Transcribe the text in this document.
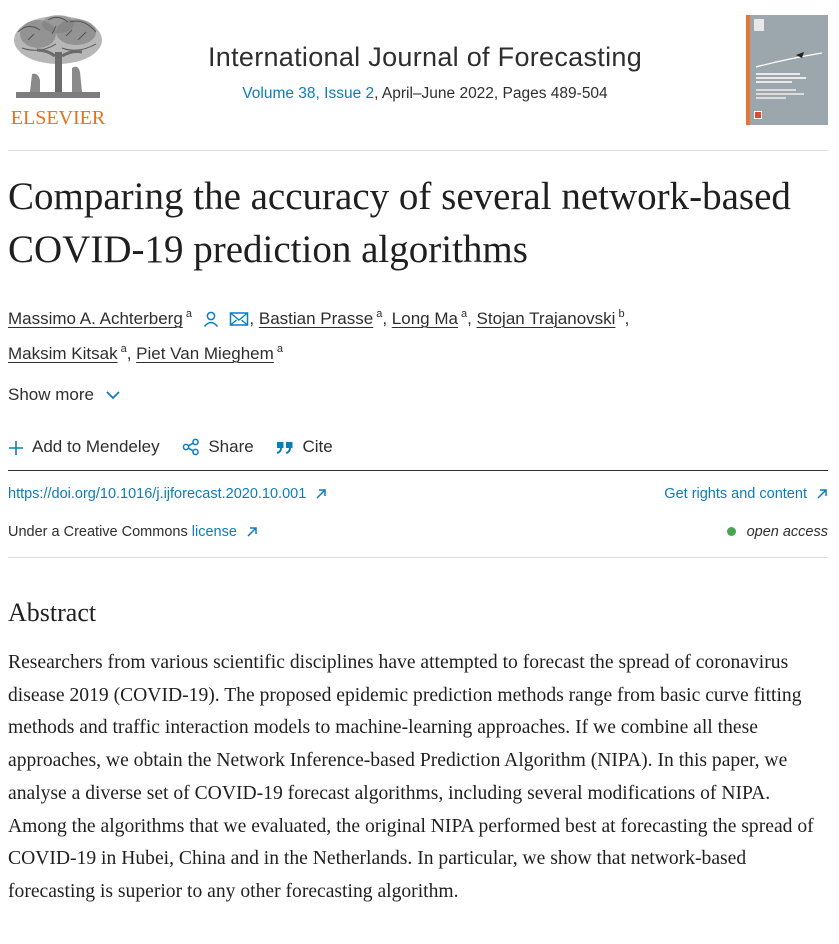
ELSEVIER
International Journal of Forecasting
Volume 38, Issue 2, April–June 2022, Pages 489-504
Comparing the accuracy of several network-based COVID-19 prediction algorithms
Massimo A. Achterberg $^a$	, Bastian Prasse $^a$, Long Ma $^a$, Stojan Trajanovski $^b$,
Maksim Kitsak $^a$, Piet Van Mieghem $^a$
Show more
Add to Mendeley	Share	Cite
https://doi.org/10.1016/j.ijforecast.2020.10.001	Get rights and content
Under a Creative Commons license	open access
Abstract

Researchers from various scientific disciplines have attempted to forecast the spread of coronavirus disease 2019 (COVID-19). The proposed epidemic prediction methods range from basic curve fitting methods and traffic interaction models to machine-learning approaches. If we combine all these approaches, we obtain the Network Inference-based Prediction Algorithm (NIPA). In this paper, we analyse a diverse set of COVID-19 forecast algorithms, including several modifications of NIPA. Among the algorithms that we evaluated, the original NIPA performed best at forecasting the spread of COVID-19 in Hubei, China and in the Netherlands. In particular, we show that network-based forecasting is superior to any other forecasting algorithm.
